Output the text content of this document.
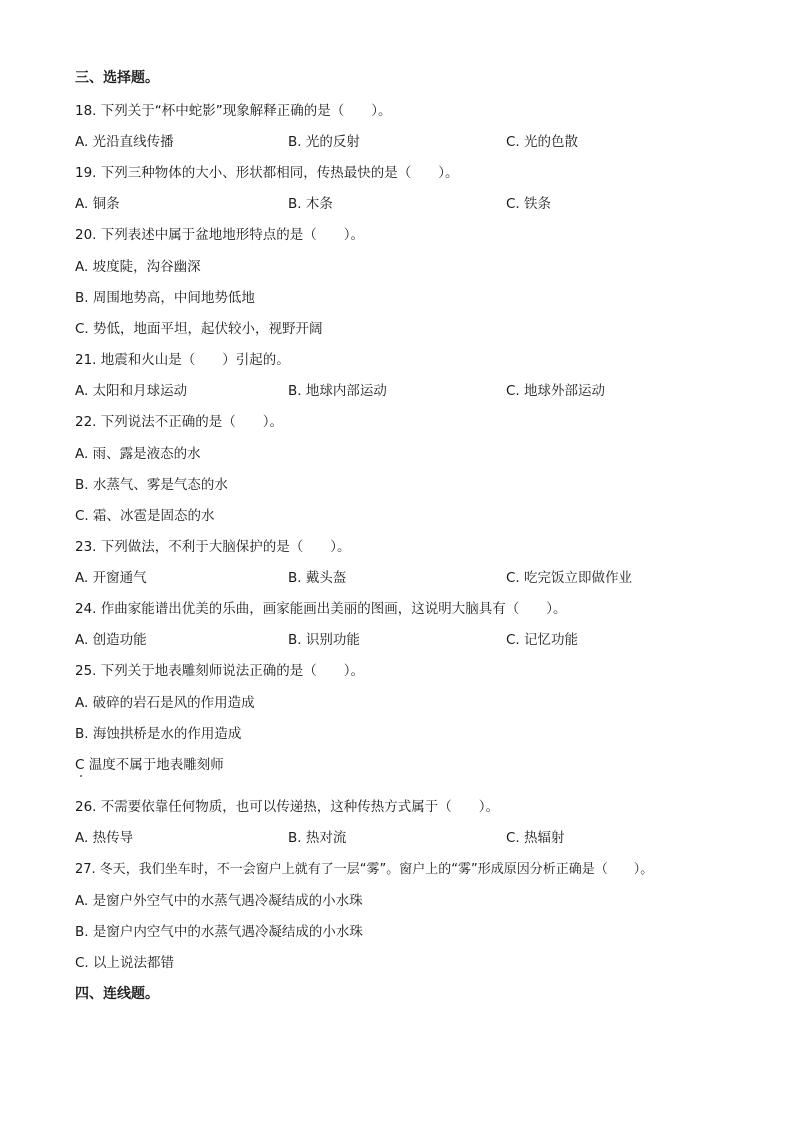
三、选择题。
18. 下列关于“杯中蛇影”现象解释正确的是（　　）。
A. 光沿直线传播	B. 光的反射	C. 光的色散
19. 下列三种物体的大小、形状都相同，传热最快的是（　　）。
A. 铜条	B. 木条	C. 铁条
20. 下列表述中属于盆地地形特点的是（　　）。
A. 坡度陡，沟谷幽深
B. 周围地势高，中间地势低地
C. 势低，地面平坦，起伏较小，视野开阔
21. 地震和火山是（　　）引起的。
A. 太阳和月球运动	B. 地球内部运动	C. 地球外部运动
22. 下列说法不正确的是（　　）。
A. 雨、露是液态的水
B. 水蒸气、雾是气态的水
C. 霜、冰雹是固态的水
23. 下列做法，不利于大脑保护的是（　　）。
A. 开窗通气	B. 戴头盔	C. 吃完饭立即做作业
24. 作曲家能谱出优美的乐曲，画家能画出美丽的图画，这说明大脑具有（　　）。
A. 创造功能	B. 识别功能	C. 记忆功能
25. 下列关于地表雕刻师说法正确的是（　　）。
A. 破碎的岩石是风的作用造成
B. 海蚀拱桥是水的作用造成
C 温度不属于地表雕刻师
26. 不需要依靠任何物质，也可以传递热，这种传热方式属于（　　）。
A. 热传导	B. 热对流	C. 热辐射
27. 冬天，我们坐车时，不一会窗户上就有了一层“雾”。窗户上的“雾”形成原因分析正确是（　　）。
A. 是窗户外空气中的水蒸气遇冷凝结成的小水珠
B. 是窗户内空气中的水蒸气遇冷凝结成的小水珠
C. 以上说法都错
四、连线题。
